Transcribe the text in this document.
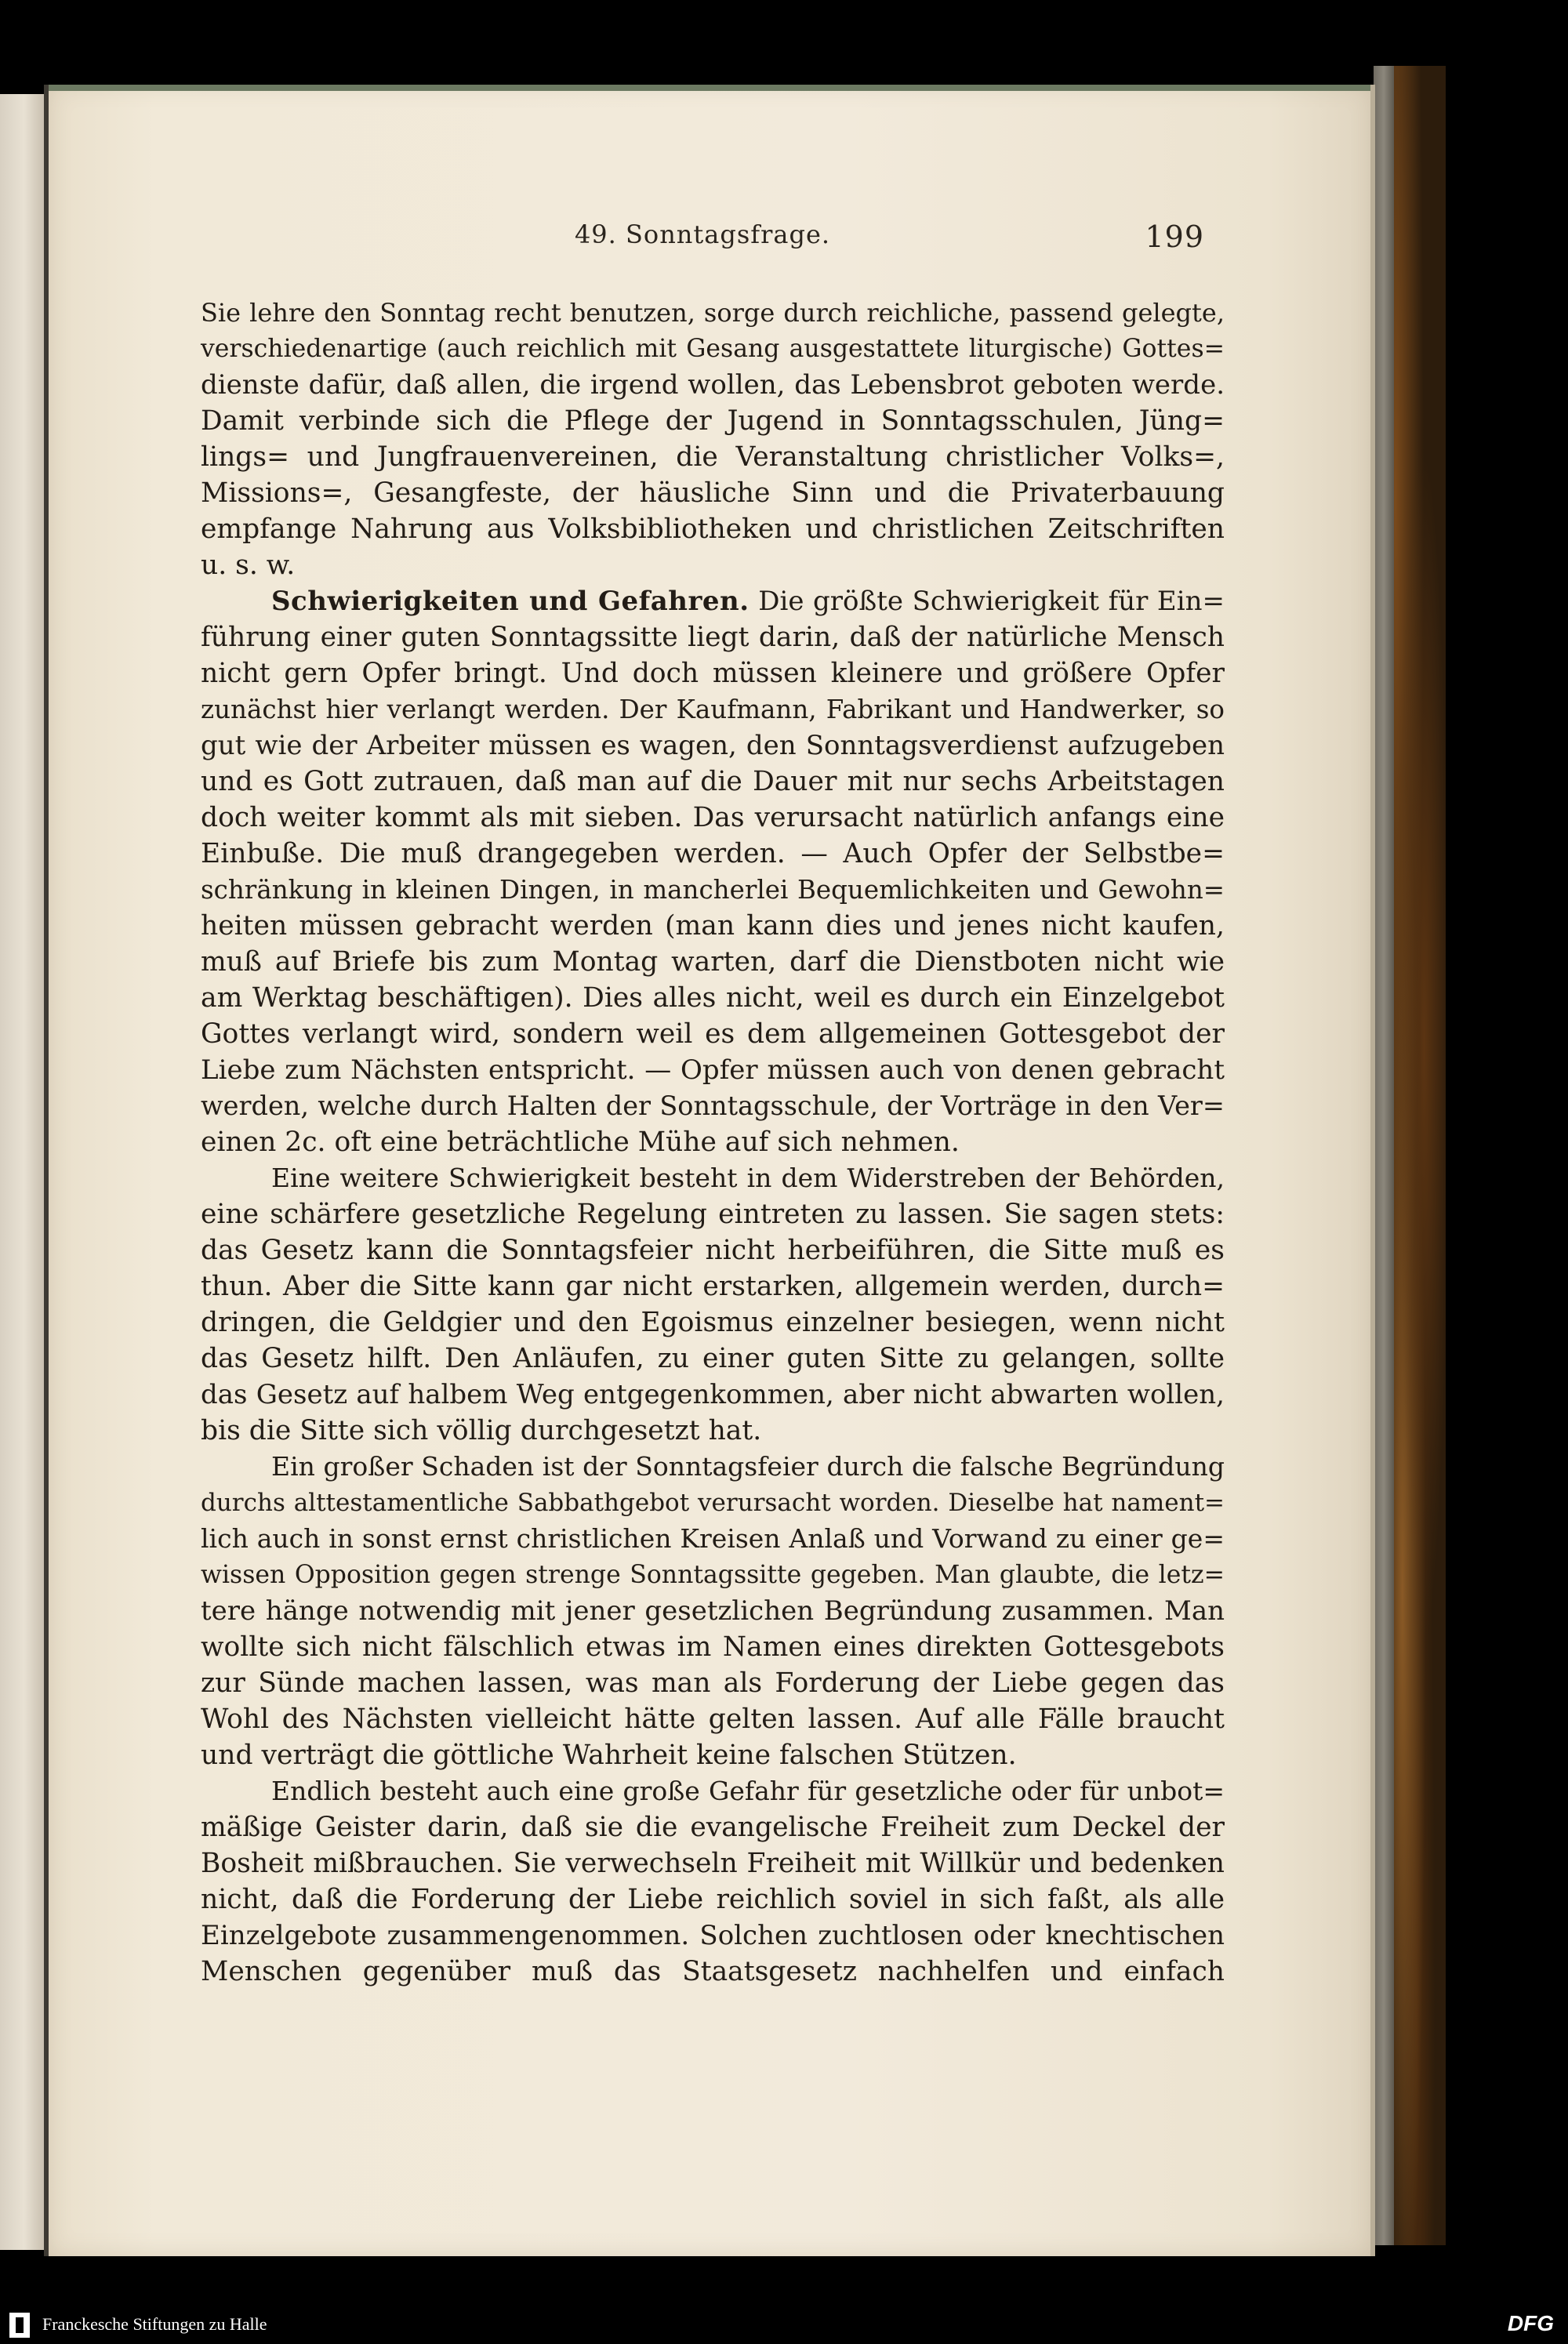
49. Sonntagsfrage.	199
Sie lehre den Sonntag recht benutzen, sorge durch reichliche, passend gelegte,
verschiedenartige (auch reichlich mit Gesang ausgestattete liturgische) Gottes=
dienste dafür, daß allen, die irgend wollen, das Lebensbrot geboten werde.
Damit verbinde sich die Pflege der Jugend in Sonntagsschulen, Jüng=
lings= und Jungfrauenvereinen, die Veranstaltung christlicher Volks=,
Missions=, Gesangfeste, der häusliche Sinn und die Privaterbauung
empfange Nahrung aus Volksbibliotheken und christlichen Zeitschriften
u. s. w.
Schwierigkeiten und Gefahren. Die größte Schwierigkeit für Ein=
führung einer guten Sonntagssitte liegt darin, daß der natürliche Mensch
nicht gern Opfer bringt. Und doch müssen kleinere und größere Opfer
zunächst hier verlangt werden. Der Kaufmann, Fabrikant und Handwerker, so
gut wie der Arbeiter müssen es wagen, den Sonntagsverdienst aufzugeben
und es Gott zutrauen, daß man auf die Dauer mit nur sechs Arbeitstagen
doch weiter kommt als mit sieben. Das verursacht natürlich anfangs eine
Einbuße. Die muß drangegeben werden. — Auch Opfer der Selbstbe=
schränkung in kleinen Dingen, in mancherlei Bequemlichkeiten und Gewohn=
heiten müssen gebracht werden (man kann dies und jenes nicht kaufen,
muß auf Briefe bis zum Montag warten, darf die Dienstboten nicht wie
am Werktag beschäftigen). Dies alles nicht, weil es durch ein Einzelgebot
Gottes verlangt wird, sondern weil es dem allgemeinen Gottesgebot der
Liebe zum Nächsten entspricht. — Opfer müssen auch von denen gebracht
werden, welche durch Halten der Sonntagsschule, der Vorträge in den Ver=
einen 2c. oft eine beträchtliche Mühe auf sich nehmen.
Eine weitere Schwierigkeit besteht in dem Widerstreben der Behörden,
eine schärfere gesetzliche Regelung eintreten zu lassen. Sie sagen stets:
das Gesetz kann die Sonntagsfeier nicht herbeiführen, die Sitte muß es
thun. Aber die Sitte kann gar nicht erstarken, allgemein werden, durch=
dringen, die Geldgier und den Egoismus einzelner besiegen, wenn nicht
das Gesetz hilft. Den Anläufen, zu einer guten Sitte zu gelangen, sollte
das Gesetz auf halbem Weg entgegenkommen, aber nicht abwarten wollen,
bis die Sitte sich völlig durchgesetzt hat.
Ein großer Schaden ist der Sonntagsfeier durch die falsche Begründung
durchs alttestamentliche Sabbathgebot verursacht worden. Dieselbe hat nament=
lich auch in sonst ernst christlichen Kreisen Anlaß und Vorwand zu einer ge=
wissen Opposition gegen strenge Sonntagssitte gegeben. Man glaubte, die letz=
tere hänge notwendig mit jener gesetzlichen Begründung zusammen. Man
wollte sich nicht fälschlich etwas im Namen eines direkten Gottesgebots
zur Sünde machen lassen, was man als Forderung der Liebe gegen das
Wohl des Nächsten vielleicht hätte gelten lassen. Auf alle Fälle braucht
und verträgt die göttliche Wahrheit keine falschen Stützen.
Endlich besteht auch eine große Gefahr für gesetzliche oder für unbot=
mäßige Geister darin, daß sie die evangelische Freiheit zum Deckel der
Bosheit mißbrauchen. Sie verwechseln Freiheit mit Willkür und bedenken
nicht, daß die Forderung der Liebe reichlich soviel in sich faßt, als alle
Einzelgebote zusammengenommen. Solchen zuchtlosen oder knechtischen
Menschen gegenüber muß das Staatsgesetz nachhelfen und einfach
Franckesche Stiftungen zu Halle	DFG
